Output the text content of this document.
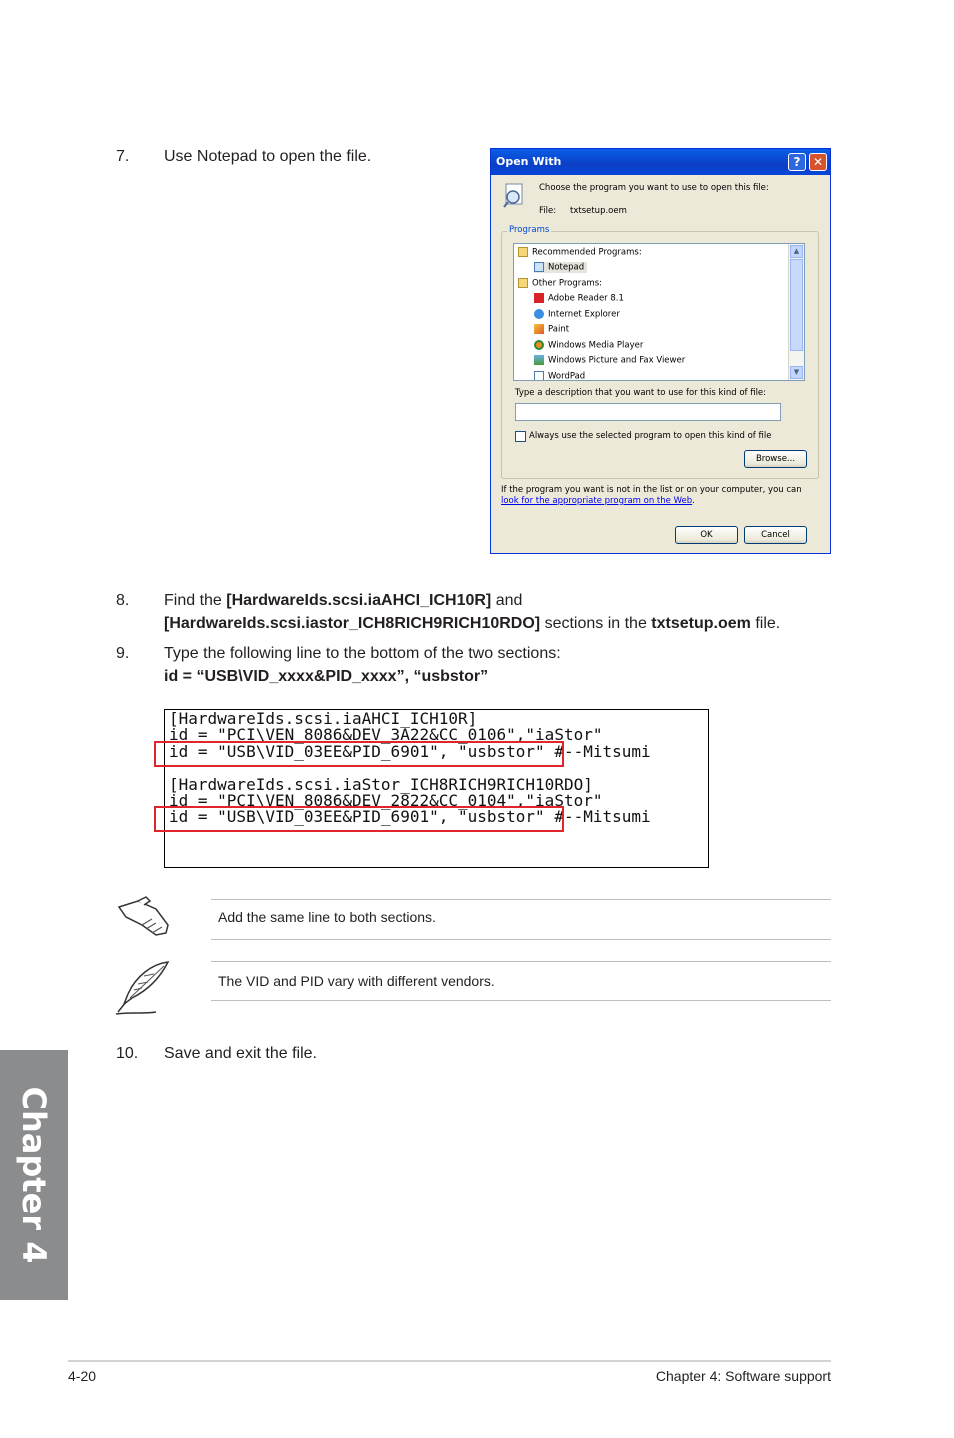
7. Use Notepad to open the file.	Open With	?	✕
Choose the program you want to use to open this file:
File: txtsetup.oem
Programs
Recommended Programs:
Notepad
Other Programs:
Adobe Reader 8.1
Internet Explorer
Paint
Windows Media Player
Windows Picture and Fax Viewer
WordPad
▲
▼
Type a description that you want to use for this kind of file:
Always use the selected program to open this kind of file
Browse...
If the program you want is not in the list or on your computer, you can look for the appropriate program on the Web.
OK	Cancel
8. Find the [HardwareIds.scsi.iaAHCI_ICH10R] and
[HardwareIds.scsi.iastor_ICH8RICH9RICH10RDO] sections in the txtsetup.oem file.
9. Type the following line to the bottom of the two sections:
id = “USB\VID_xxxx&PID_xxxx”, “usbstor”
[HardwareIds.scsi.iaAHCI_ICH10R]
id = "PCI\VEN_8086&DEV_3A22&CC_0106","iaStor"
id = "USB\VID_03EE&PID_6901", "usbstor" #--Mitsumi
[HardwareIds.scsi.iaStor_ICH8RICH9RICH10RDO]
id = "PCI\VEN_8086&DEV_2822&CC_0104","iaStor"
id = "USB\VID_03EE&PID_6901", "usbstor" #--Mitsumi
Add the same line to both sections.
The VID and PID vary with different vendors.
10. Save and exit the file.
Chapter 4
4-20	Chapter 4: Software support
